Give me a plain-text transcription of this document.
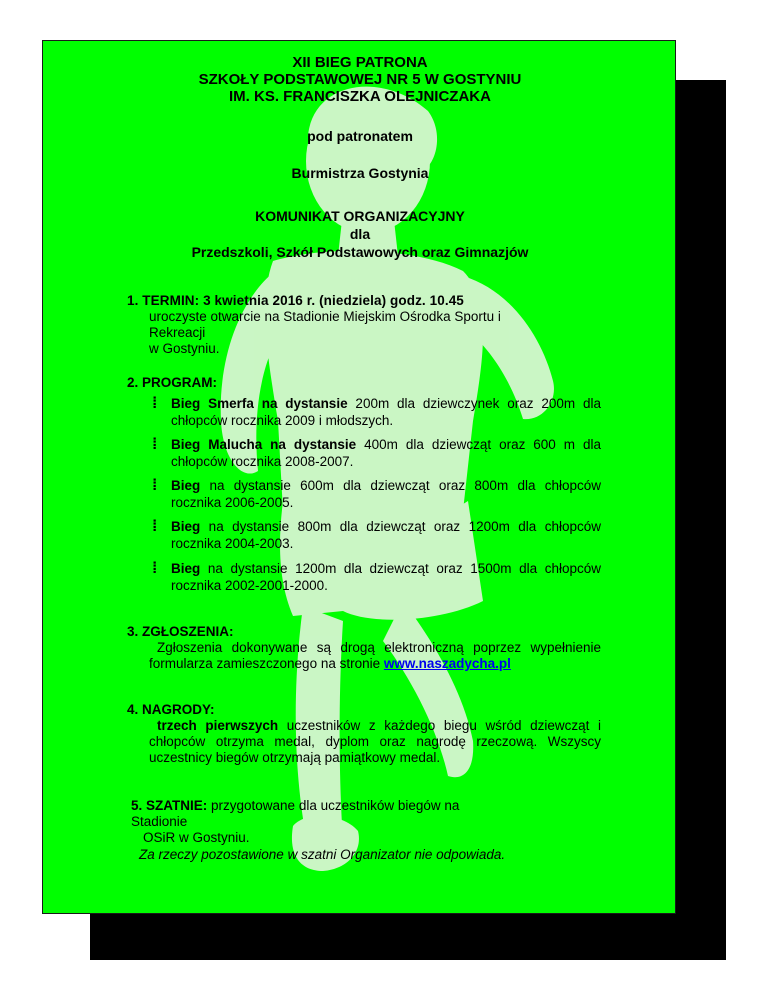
XII BIEG PATRONA
SZKOŁY PODSTAWOWEJ NR 5 W GOSTYNIU
IM. KS. FRANCISZKA OLEJNICZAKA
pod patronatem
Burmistrza Gostynia
KOMUNIKAT ORGANIZACYJNY
dla
Przedszkoli, Szkół Podstawowych oraz Gimnazjów
1. TERMIN: 3 kwietnia 2016 r. (niedziela) godz. 10.45
uroczyste otwarcie na Stadionie Miejskim Ośrodka Sportu i
Rekreacji
w Gostyniu.
2. PROGRAM:
⁞ Bieg Smerfa na dystansie 200m dla dziewczynek oraz 200m dla chłopców rocznika 2009 i młodszych.
⁞ Bieg Malucha na dystansie 400m dla dziewcząt oraz 600 m dla chłopców rocznika 2008-2007.
⁞ Bieg na dystansie 600m dla dziewcząt oraz 800m dla chłopców rocznika 2006-2005.
⁞ Bieg na dystansie 800m dla dziewcząt oraz 1200m dla chłopców rocznika 2004-2003.
⁞ Bieg na dystansie 1200m dla dziewcząt oraz 1500m dla chłopców rocznika 2002-2001-2000.
3. ZGŁOSZENIA:
Zgłoszenia dokonywane są drogą elektroniczną poprzez wypełnienie formularza zamieszczonego na stronie www.naszadycha.pl
4. NAGRODY:
trzech pierwszych uczestników z każdego biegu wśród dziewcząt i chłopców otrzyma medal, dyplom oraz nagrodę rzeczową. Wszyscy uczestnicy biegów otrzymają pamiątkowy medal.
5. SZATNIE: przygotowane dla uczestników biegów na
Stadionie
OSiR w Gostyniu.
Za rzeczy pozostawione w szatni Organizator nie odpowiada.
